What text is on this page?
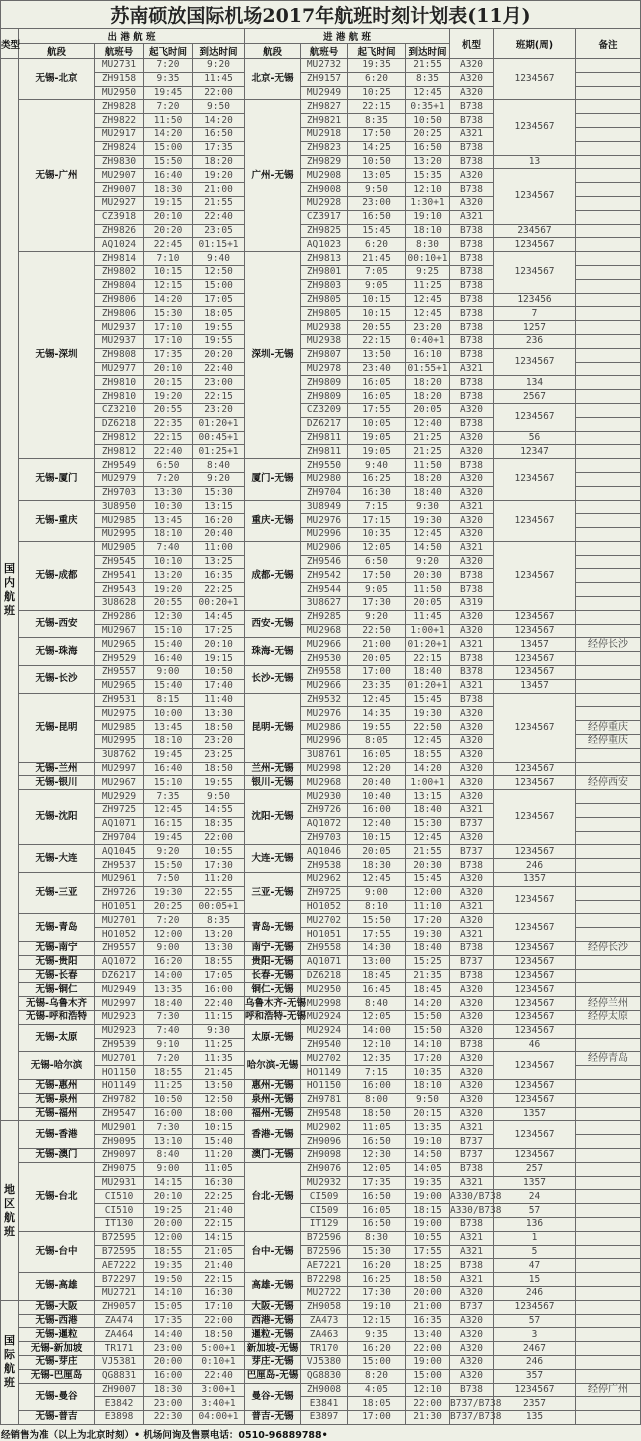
苏南硕放国际机场2017年航班时刻计划表(11月)											
类型	出 港 航 班				进 港 航 班				机型	班期(周)	备注
	航段	航班号	起飞时间	到达时间	航段	航班号	起飞时间	到达时间			
国内航班	无锡-北京	MU2731	7:20	9:20	北京-无锡	MU2732	19:35	21:55	A320	1234567	
		ZH9158	9:35	11:45		ZH9157	6:20	8:35	A320		
		MU2950	19:45	22:00		MU2949	10:25	12:45	A320		
	无锡-广州	ZH9828	7:20	9:50	广州-无锡	ZH9827	22:15	0:35+1	B738	1234567	
		ZH9822	11:50	14:20		ZH9821	8:35	10:50	B738		
		MU2917	14:20	16:50		MU2918	17:50	20:25	A321		
		ZH9824	15:00	17:35		ZH9823	14:25	16:50	B738		
		ZH9830	15:50	18:20		ZH9829	10:50	13:20	B738	13	
		MU2907	16:40	19:20		MU2908	13:05	15:35	A320	1234567	
		ZH9007	18:30	21:00		ZH9008	9:50	12:10	B738		
		MU2927	19:15	21:55		MU2928	23:00	1:30+1	A320		
		CZ3918	20:10	22:40		CZ3917	16:50	19:10	A321		
		ZH9826	20:20	23:05		ZH9825	15:45	18:10	B738	234567	
		AQ1024	22:45	01:15+1		AQ1023	6:20	8:30	B738	1234567	
	无锡-深圳	ZH9814	7:10	9:40	深圳-无锡	ZH9813	21:45	00:10+1	B738	1234567	
		ZH9802	10:15	12:50		ZH9801	7:05	9:25	B738		
		ZH9804	12:15	15:00		ZH9803	9:05	11:25	B738		
		ZH9806	14:20	17:05		ZH9805	10:15	12:45	B738	123456	
		ZH9806	15:30	18:05		ZH9805	10:15	12:45	B738	7	
		MU2937	17:10	19:55		MU2938	20:55	23:20	B738	1257	
		MU2937	17:10	19:55		MU2938	22:15	0:40+1	B738	236	
		ZH9808	17:35	20:20		ZH9807	13:50	16:10	B738	1234567	
		MU2977	20:10	22:40		MU2978	23:40	01:55+1	A321		
		ZH9810	20:15	23:00		ZH9809	16:05	18:20	B738	134	
		ZH9810	19:20	22:15		ZH9809	16:05	18:20	B738	2567	
		CZ3210	20:55	23:20		CZ3209	17:55	20:05	A320	1234567	
		DZ6218	22:35	01:20+1		DZ6217	10:05	12:40	B738		
		ZH9812	22:15	00:45+1		ZH9811	19:05	21:25	A320	56	
		ZH9812	22:40	01:25+1		ZH9811	19:05	21:25	A320	12347	
	无锡-厦门	ZH9549	6:50	8:40	厦门-无锡	ZH9550	9:40	11:50	B738	1234567	
		MU2979	7:20	9:20		MU2980	16:25	18:20	A320		
		ZH9703	13:30	15:30		ZH9704	16:30	18:40	A320		
	无锡-重庆	3U8950	10:30	13:15	重庆-无锡	3U8949	7:15	9:30	A321	1234567	
		MU2985	13:45	16:20		MU2976	17:15	19:30	A320		
		MU2995	18:10	20:40		MU2996	10:35	12:45	A320		
	无锡-成都	MU2905	7:40	11:00	成都-无锡	MU2906	12:05	14:50	A321	1234567	
		ZH9545	10:10	13:25		ZH9546	6:50	9:20	A320		
		ZH9541	13:20	16:35		ZH9542	17:50	20:30	B738		
		ZH9543	19:20	22:25		ZH9544	9:05	11:50	B738		
		3U8628	20:55	00:20+1		3U8627	17:30	20:05	A319		
	无锡-西安	ZH9286	12:30	14:45	西安-无锡	ZH9285	9:20	11:45	A320	1234567	
		MU2967	15:10	17:25		MU2968	22:50	1:00+1	A320	1234567	
	无锡-珠海	MU2965	15:40	20:10	珠海-无锡	MU2966	21:00	01:20+1	A321	13457	经停长沙
		ZH9529	16:40	19:15		ZH9530	20:05	22:15	B738	1234567	
	无锡-长沙	ZH9557	9:00	10:50	长沙-无锡	ZH9558	17:00	18:40	B378	1234567	
		MU2965	15:40	17:40		MU2966	23:35	01:20+1	A321	13457	
	无锡-昆明	ZH9531	8:15	11:40	昆明-无锡	ZH9532	12:45	15:45	B738	1234567	
		MU2975	10:00	13:30		MU2976	14:35	19:30	A320		
		MU2985	13:45	18:50		MU2986	19:55	22:50	A320		经停重庆
		MU2995	18:10	23:20		MU2996	8:05	12:45	A320		经停重庆
		3U8762	19:45	23:25		3U8761	16:05	18:55	A320		
	无锡-兰州	MU2997	16:40	18:50	兰州-无锡	MU2998	12:20	14:20	A320	1234567	
	无锡-银川	MU2967	15:10	19:55	银川-无锡	MU2968	20:40	1:00+1	A320	1234567	经停西安
	无锡-沈阳	MU2929	7:35	9:50	沈阳-无锡	MU2930	10:40	13:15	A320	1234567	
		ZH9725	12:45	14:55		ZH9726	16:00	18:40	A321		
		AQ1071	16:15	18:35		AQ1072	12:40	15:30	B737		
		ZH9704	19:45	22:00		ZH9703	10:15	12:45	A320		
	无锡-大连	AQ1045	9:20	10:55	大连-无锡	AQ1046	20:05	21:55	B737	1234567	
		ZH9537	15:50	17:30		ZH9538	18:30	20:30	B738	246	
	无锡-三亚	MU2961	7:50	11:20	三亚-无锡	MU2962	12:45	15:45	A320	1357	
		ZH9726	19:30	22:55		ZH9725	9:00	12:00	A320	1234567	
		HO1051	20:25	00:05+1		HO1052	8:10	11:10	A321		
	无锡-青岛	MU2701	7:20	8:35	青岛-无锡	MU2702	15:50	17:20	A320	1234567	
		HO1052	12:00	13:20		HO1051	17:55	19:30	A321		
	无锡-南宁	ZH9557	9:00	13:30	南宁-无锡	ZH9558	14:30	18:40	B738	1234567	经停长沙
	无锡-贵阳	AQ1072	16:20	18:55	贵阳-无锡	AQ1071	13:00	15:25	B737	1234567	
	无锡-长春	DZ6217	14:00	17:05	长春-无锡	DZ6218	18:45	21:35	B738	1234567	
	无锡-铜仁	MU2949	13:35	16:00	铜仁-无锡	MU2950	16:45	18:45	A320	1234567	
	无锡-乌鲁木齐	MU2997	18:40	22:40	乌鲁木齐-无锡	MU2998	8:40	14:20	A320	1234567	经停兰州
	无锡-呼和浩特	MU2923	7:30	11:15	呼和浩特-无锡	MU2924	12:05	15:50	A320	1234567	经停太原
	无锡-太原	MU2923	7:40	9:30	太原-无锡	MU2924	14:00	15:50	A320	1234567	
		ZH9539	9:10	11:25		ZH9540	12:10	14:10	B738	46	
	无锡-哈尔滨	MU2701	7:20	11:35	哈尔滨-无锡	MU2702	12:35	17:20	A320	1234567	经停青岛
		HO1150	18:55	21:45		HO1149	7:15	10:35	A320		
	无锡-惠州	HO1149	11:25	13:50	惠州-无锡	HO1150	16:00	18:10	A320	1234567	
	无锡-泉州	ZH9782	10:50	12:50	泉州-无锡	ZH9781	8:00	9:50	A320	1234567	
	无锡-福州	ZH9547	16:00	18:00	福州-无锡	ZH9548	18:50	20:15	A320	1357	
地区航班	无锡-香港	MU2901	7:30	10:15	香港-无锡	MU2902	11:05	13:35	A321	1234567	
		ZH9095	13:10	15:40		ZH9096	16:50	19:10	B737		
	无锡-澳门	ZH9097	8:40	11:20	澳门-无锡	ZH9098	12:30	14:50	B737	1234567	
	无锡-台北	ZH9075	9:00	11:05	台北-无锡	ZH9076	12:05	14:05	B738	257	
		MU2931	14:15	16:30		MU2932	17:35	19:35	A321	1357	
		CI510	20:10	22:25		CI509	16:50	19:00	A330/B738	24	
		CI510	19:25	21:40		CI509	16:05	18:15	A330/B738	57	
		IT130	20:00	22:15		IT129	16:50	19:00	B738	136	
	无锡-台中	B72595	12:00	14:15	台中-无锡	B72596	8:30	10:55	A321	1	
		B72595	18:55	21:05		B72596	15:30	17:55	A321	5	
		AE7222	19:35	21:40		AE7221	16:20	18:25	B738	47	
	无锡-高雄	B72297	19:50	22:15	高雄-无锡	B72298	16:25	18:50	A321	15	
		MU2721	14:10	16:30		MU2722	17:30	20:00	A320	246	
国际航班	无锡-大阪	ZH9057	15:05	17:10	大阪-无锡	ZH9058	19:10	21:00	B737	1234567	
	无锡-西港	ZA474	17:35	22:00	西港-无锡	ZA473	12:15	16:35	A320	57	
	无锡-暹粒	ZA464	14:40	18:50	暹粒-无锡	ZA463	9:35	13:40	A320	3	
	无锡-新加坡	TR171	23:00	5:00+1	新加坡-无锡	TR170	16:20	22:00	A320	2467	
	无锡-芽庄	VJ5381	20:00	0:10+1	芽庄-无锡	VJ5380	15:00	19:00	A320	246	
	无锡-巴厘岛	QG8831	16:00	22:40	巴厘岛-无锡	QG8830	8:20	15:00	A320	357	
	无锡-曼谷	ZH9007	18:30	3:00+1	曼谷-无锡	ZH9008	4:05	12:10	B738	1234567	经停广州
		E3842	23:00	3:40+1		E3841	18:05	22:00	B737/B738	2357	
	无锡-普吉	E3898	22:30	04:00+1	普吉-无锡	E3897	17:00	21:30	B737/B738	135	
经销售为准（以上为北京时刻）• 机场问询及售票电话：0510-96889788•
